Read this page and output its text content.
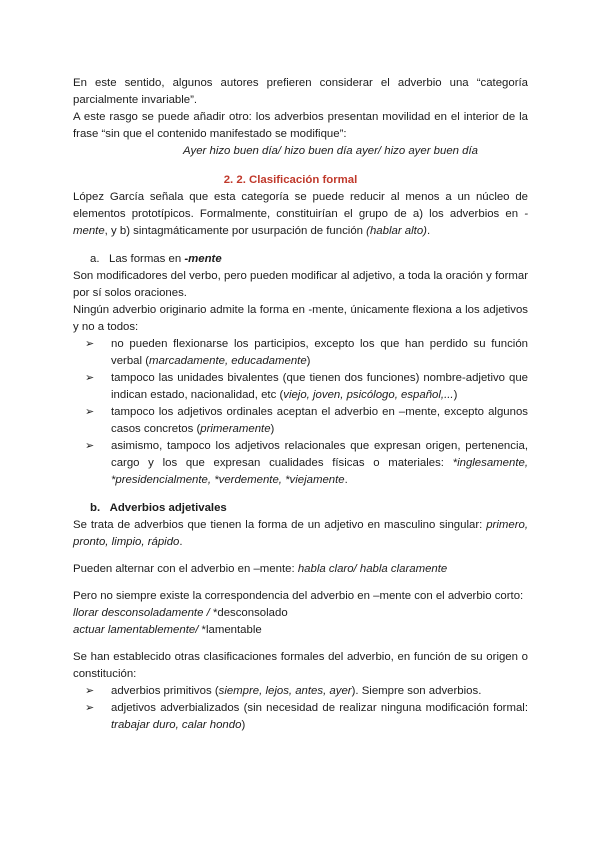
En este sentido, algunos autores prefieren considerar el adverbio una “categoría parcialmente invariable”.

A este rasgo se puede añadir otro: los adverbios presentan movilidad en el interior de la frase “sin que el contenido manifestado se modifique”:

Ayer hizo buen día/ hizo buen día ayer/ hizo ayer buen día

2. 2. Clasificación formal

López García señala que esta categoría se puede reducir al menos a un núcleo de elementos prototípicos. Formalmente, constituirían el grupo de a) los adverbios en -mente, y b) sintagmáticamente por usurpación de función (hablar alto).

a. Las formas en -mente

Son modificadores del verbo, pero pueden modificar al adjetivo, a toda la oración y formar por sí solos oraciones.

Ningún adverbio originario admite la forma en -mente, únicamente flexiona a los adjetivos y no a todos:

➢ no pueden flexionarse los participios, excepto los que han perdido su función verbal (marcadamente, educadamente)
➢ tampoco las unidades bivalentes (que tienen dos funciones) nombre-adjetivo que indican estado, nacionalidad, etc (viejo, joven, psicólogo, español,...)
➢ tampoco los adjetivos ordinales aceptan el adverbio en –mente, excepto algunos casos concretos (primeramente)
➢ asimismo, tampoco los adjetivos relacionales que expresan origen, pertenencia, cargo y los que expresan cualidades físicas o materiales: *inglesamente, *presidencialmente, *verdemente, *viejamente.

b. Adverbios adjetivales

Se trata de adverbios que tienen la forma de un adjetivo en masculino singular: primero, pronto, limpio, rápido.

Pueden alternar con el adverbio en –mente: habla claro/ habla claramente

Pero no siempre existe la correspondencia del adverbio en –mente con el adverbio corto:

llorar desconsoladamente / *desconsolado

actuar lamentablemente/ *lamentable

Se han establecido otras clasificaciones formales del adverbio, en función de su origen o constitución:

➢ adverbios primitivos (siempre, lejos, antes, ayer). Siempre son adverbios.
➢ adjetivos adverbializados (sin necesidad de realizar ninguna modificación formal: trabajar duro, calar hondo)
